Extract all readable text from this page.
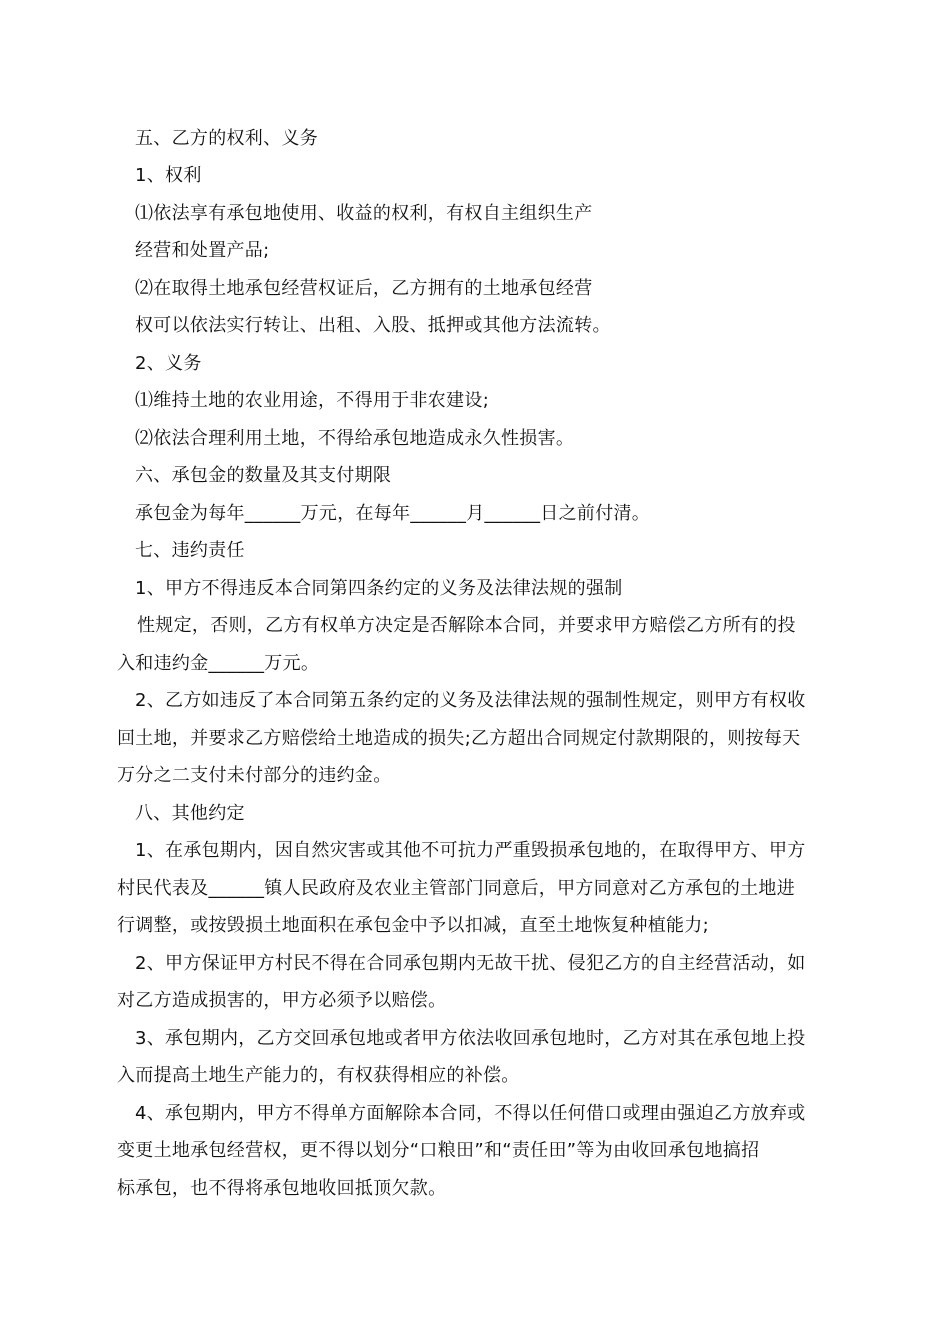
五、乙方的权利、义务
1、权利
⑴依法享有承包地使用、收益的权利，有权自主组织生产
经营和处置产品;
⑵在取得土地承包经营权证后，乙方拥有的土地承包经营
权可以依法实行转让、出租、入股、抵押或其他方法流转。
2、义务
⑴维持土地的农业用途，不得用于非农建设;
⑵依法合理利用土地，不得给承包地造成永久性损害。
六、承包金的数量及其支付期限
承包金为每年______万元，在每年______月______日之前付清。
七、违约责任
1、甲方不得违反本合同第四条约定的义务及法律法规的强制
性规定，否则，乙方有权单方决定是否解除本合同，并要求甲方赔偿乙方所有的投
入和违约金______万元。
2、乙方如违反了本合同第五条约定的义务及法律法规的强制性规定，则甲方有权收
回土地，并要求乙方赔偿给土地造成的损失;乙方超出合同规定付款期限的，则按每天
万分之二支付未付部分的违约金。
八、其他约定
1、在承包期内，因自然灾害或其他不可抗力严重毁损承包地的，在取得甲方、甲方
村民代表及______镇人民政府及农业主管部门同意后，甲方同意对乙方承包的土地进
行调整，或按毁损土地面积在承包金中予以扣减，直至土地恢复种植能力;
2、甲方保证甲方村民不得在合同承包期内无故干扰、侵犯乙方的自主经营活动，如
对乙方造成损害的，甲方必须予以赔偿。
3、承包期内，乙方交回承包地或者甲方依法收回承包地时，乙方对其在承包地上投
入而提高土地生产能力的，有权获得相应的补偿。
4、承包期内，甲方不得单方面解除本合同，不得以任何借口或理由强迫乙方放弃或
变更土地承包经营权，更不得以划分“口粮田”和“责任田”等为由收回承包地搞招
标承包，也不得将承包地收回抵顶欠款。
